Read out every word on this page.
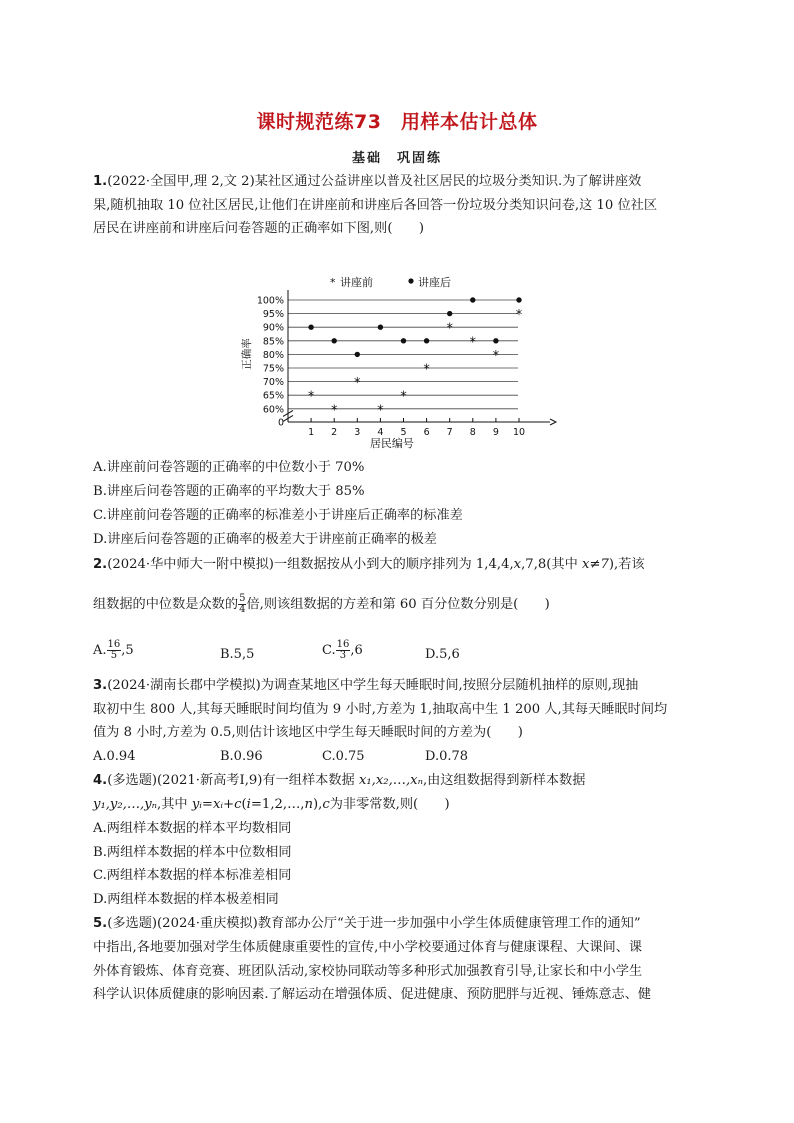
课时规范练73　用样本估计总体
基础　巩固练
1.(2022·全国甲,理 2,文 2)某社区通过公益讲座以普及社区居民的垃圾分类知识.为了解讲座效
果,随机抽取 10 位社区居民,让他们在讲座前和讲座后各回答一份垃圾分类知识问卷,这 10 位社区
居民在讲座前和讲座后问卷答题的正确率如下图,则(　　)
0
60%
65%
70%
75%
80%
85%
90%
95%
100%
1 2 3 4 5 6 7 8 9 10
居民编号
正确率
* 讲座前	讲座后
*
*
*
*
*
*
*
*
*
*
A.讲座前问卷答题的正确率的中位数小于 70%
B.讲座后问卷答题的正确率的平均数大于 85%
C.讲座前问卷答题的正确率的标准差小于讲座后正确率的标准差
D.讲座后问卷答题的正确率的极差大于讲座前正确率的极差
2.(2024·华中师大一附中模拟)一组数据按从小到大的顺序排列为 1,4,4,x,7,8(其中 x≠7),若该
组数据的中位数是众数的 $\frac{5}{4}$ 倍,则该组数据的方差和第 60 百分位数分别是(　　)
A. $\frac{16}{5} ,5$	B.5,5	C. $\frac{16}{3} ,6$	D.5,6
3.(2024·湖南长郡中学模拟)为调查某地区中学生每天睡眠时间,按照分层随机抽样的原则,现抽
取初中生 800 人,其每天睡眠时间均值为 9 小时,方差为 1,抽取高中生 1 200 人,其每天睡眠时间均
值为 8 小时,方差为 0.5,则估计该地区中学生每天睡眠时间的方差为(　　)
A.0.94	B.0.96	C.0.75	D.0.78
4.(多选题)(2021·新高考Ⅰ,9)有一组样本数据 x₁,x₂,…,xₙ,由这组数据得到新样本数据
y₁,y₂,…,yₙ,其中 yᵢ=xᵢ+c(i=1,2,…,n),c为非零常数,则(　　)
A.两组样本数据的样本平均数相同
B.两组样本数据的样本中位数相同
C.两组样本数据的样本标准差相同
D.两组样本数据的样本极差相同
5.(多选题)(2024·重庆模拟)教育部办公厅“关于进一步加强中小学生体质健康管理工作的通知”
中指出,各地要加强对学生体质健康重要性的宣传,中小学校要通过体育与健康课程、大课间、课
外体育锻炼、体育竞赛、班团队活动,家校协同联动等多种形式加强教育引导,让家长和中小学生
科学认识体质健康的影响因素.了解运动在增强体质、促进健康、预防肥胖与近视、锤炼意志、健
